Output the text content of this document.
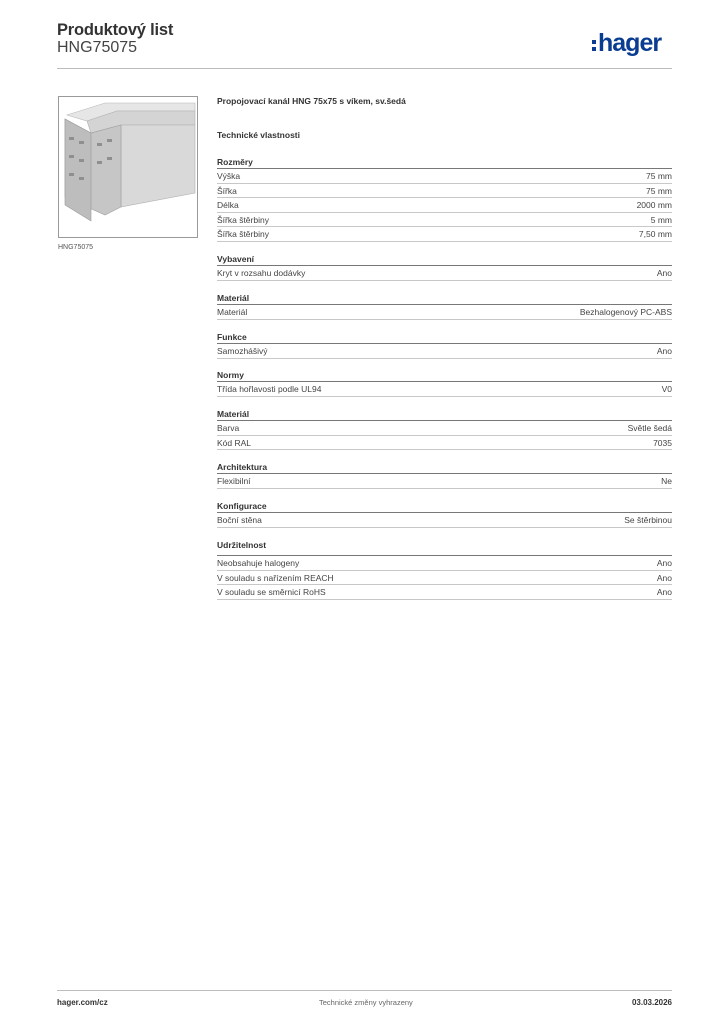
Produktový list
HNG75075	hager
HNG75075
Propojovací kanál HNG 75x75 s víkem, sv.šedá
Technické vlastnosti
Rozměry
Výška	75 mm
Šířka	75 mm
Délka	2000 mm
Šířka štěrbiny	5 mm
Šířka štěrbiny	7,50 mm
Vybavení
Kryt v rozsahu dodávky	Ano
Materiál
Materiál	Bezhalogenový PC-ABS
Funkce
Samozhášivý	Ano
Normy
Třída hořlavosti podle UL94	V0
Materiál
Barva	Světle šedá
Kód RAL	7035
Architektura
Flexibilní	Ne
Konfigurace
Boční stěna	Se štěrbinou
Udržitelnost
Neobsahuje halogeny	Ano
V souladu s nařízením REACH	Ano
V souladu se směrnicí RoHS	Ano
hager.com/cz	Technické změny vyhrazeny	03.03.2026
